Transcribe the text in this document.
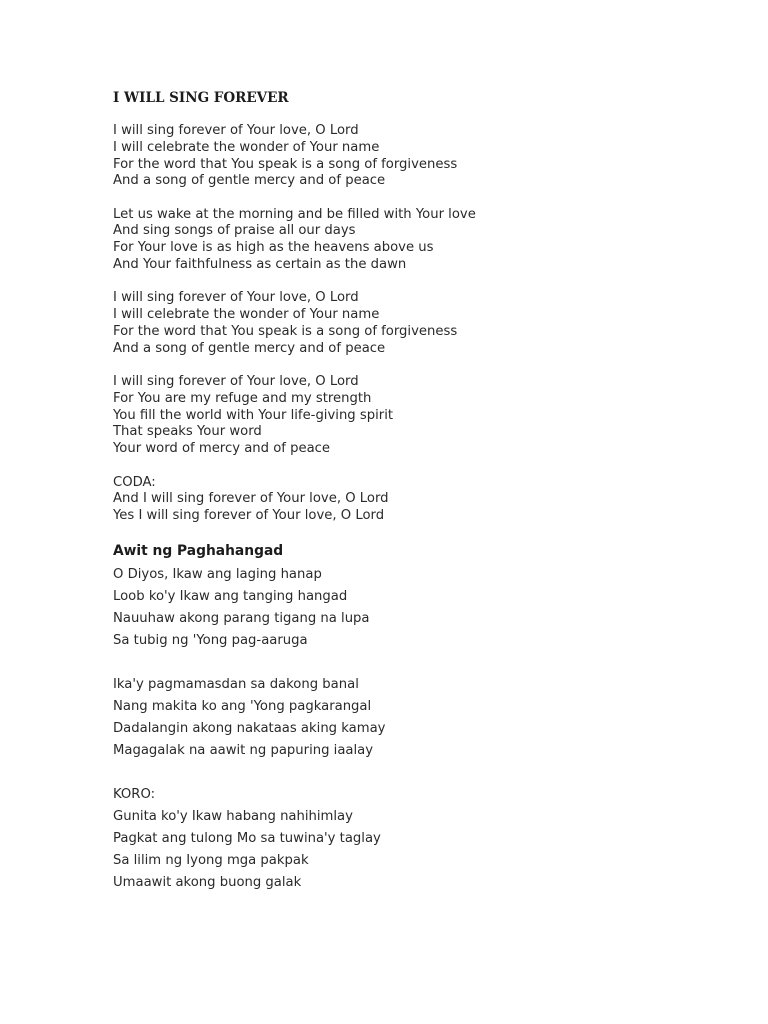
I WILL SING FOREVER
I will sing forever of Your love, O Lord
I will celebrate the wonder of Your name
For the word that You speak is a song of forgiveness
And a song of gentle mercy and of peace
Let us wake at the morning and be filled with Your love
And sing songs of praise all our days
For Your love is as high as the heavens above us
And Your faithfulness as certain as the dawn
I will sing forever of Your love, O Lord
I will celebrate the wonder of Your name
For the word that You speak is a song of forgiveness
And a song of gentle mercy and of peace
I will sing forever of Your love, O Lord
For You are my refuge and my strength
You fill the world with Your life-giving spirit
That speaks Your word
Your word of mercy and of peace
CODA:
And I will sing forever of Your love, O Lord
Yes I will sing forever of Your love, O Lord
Awit ng Paghahangad
O Diyos, Ikaw ang laging hanap
Loob ko'y Ikaw ang tanging hangad
Nauuhaw akong parang tigang na lupa
Sa tubig ng 'Yong pag-aaruga
Ika'y pagmamasdan sa dakong banal
Nang makita ko ang 'Yong pagkarangal
Dadalangin akong nakataas aking kamay
Magagalak na aawit ng papuring iaalay
KORO:
Gunita ko'y Ikaw habang nahihimlay
Pagkat ang tulong Mo sa tuwina'y taglay
Sa lilim ng Iyong mga pakpak
Umaawit akong buong galak
